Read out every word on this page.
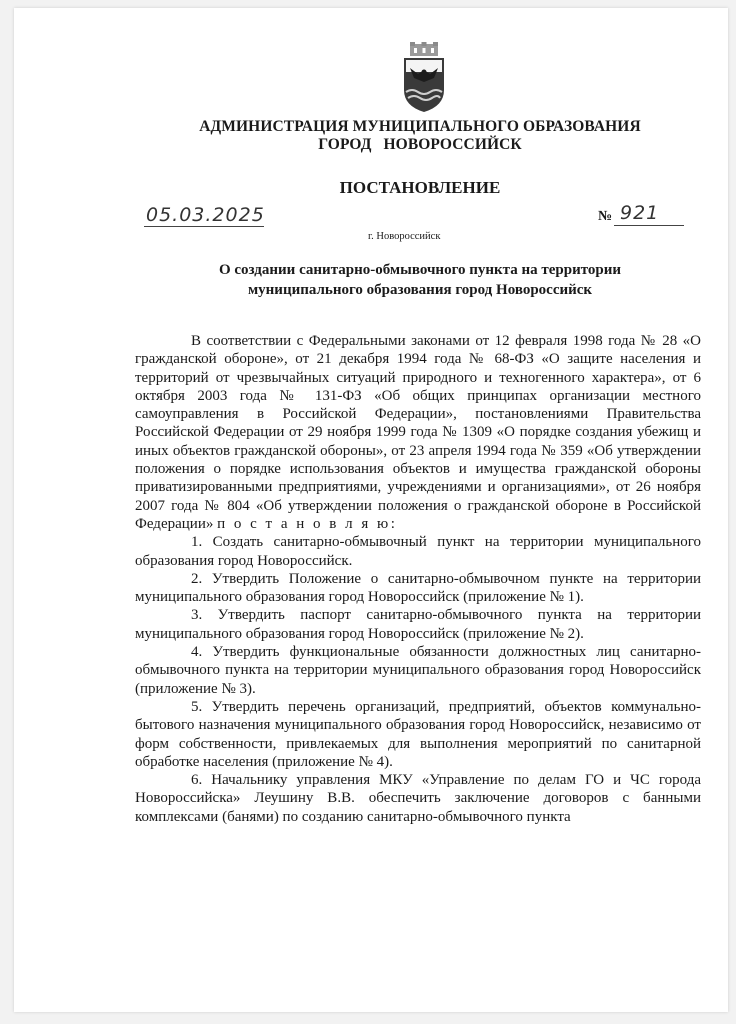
АДМИНИСТРАЦИЯ МУНИЦИПАЛЬНОГО ОБРАЗОВАНИЯ
ГОРОД   НОВОРОССИЙСК
ПОСТАНОВЛЕНИЕ
05.03.2025
г. Новороссийск
№ 921
О создании санитарно-обмывочного пункта на территории
муниципального образования город Новороссийск

В соответствии с Федеральными законами от 12 февраля 1998 года № 28 «О гражданской обороне», от 21 декабря 1994 года № 68-ФЗ «О защите населения и территорий от чрезвычайных ситуаций природного и техногенного характера», от 6 октября 2003 года № 131-ФЗ «Об общих принципах организации местного самоуправления в Российской Федерации», постановлениями Правительства Российской Федерации от 29 ноября 1999 года № 1309 «О порядке создания убежищ и иных объектов гражданской обороны», от 23 апреля 1994 года № 359 «Об утверждении положения о порядке использования объектов и имущества гражданской обороны приватизированными предприятиями, учреждениями и организациями», от 26 ноября 2007 года № 804 «Об утверждении положения о гражданской обороне в Российской Федерации» п о с т а н о в л я ю:

1. Создать санитарно-обмывочный пункт на территории муниципального образования город Новороссийск.

2. Утвердить Положение о санитарно-обмывочном пункте на территории муниципального образования город Новороссийск (приложение № 1).

3. Утвердить паспорт санитарно-обмывочного пункта на территории муниципального образования город Новороссийск (приложение № 2).

4. Утвердить функциональные обязанности должностных лиц санитарно-обмывочного пункта на территории муниципального образования город Новороссийск (приложение № 3).

5. Утвердить перечень организаций, предприятий, объектов коммунально-бытового назначения муниципального образования город Новороссийск, независимо от форм собственности, привлекаемых для выполнения мероприятий по санитарной обработке населения (приложение № 4).

6. Начальнику управления МКУ «Управление по делам ГО и ЧС города Новороссийска» Леушину В.В. обеспечить заключение договоров с банными комплексами (банями) по созданию санитарно-обмывочного пункта
